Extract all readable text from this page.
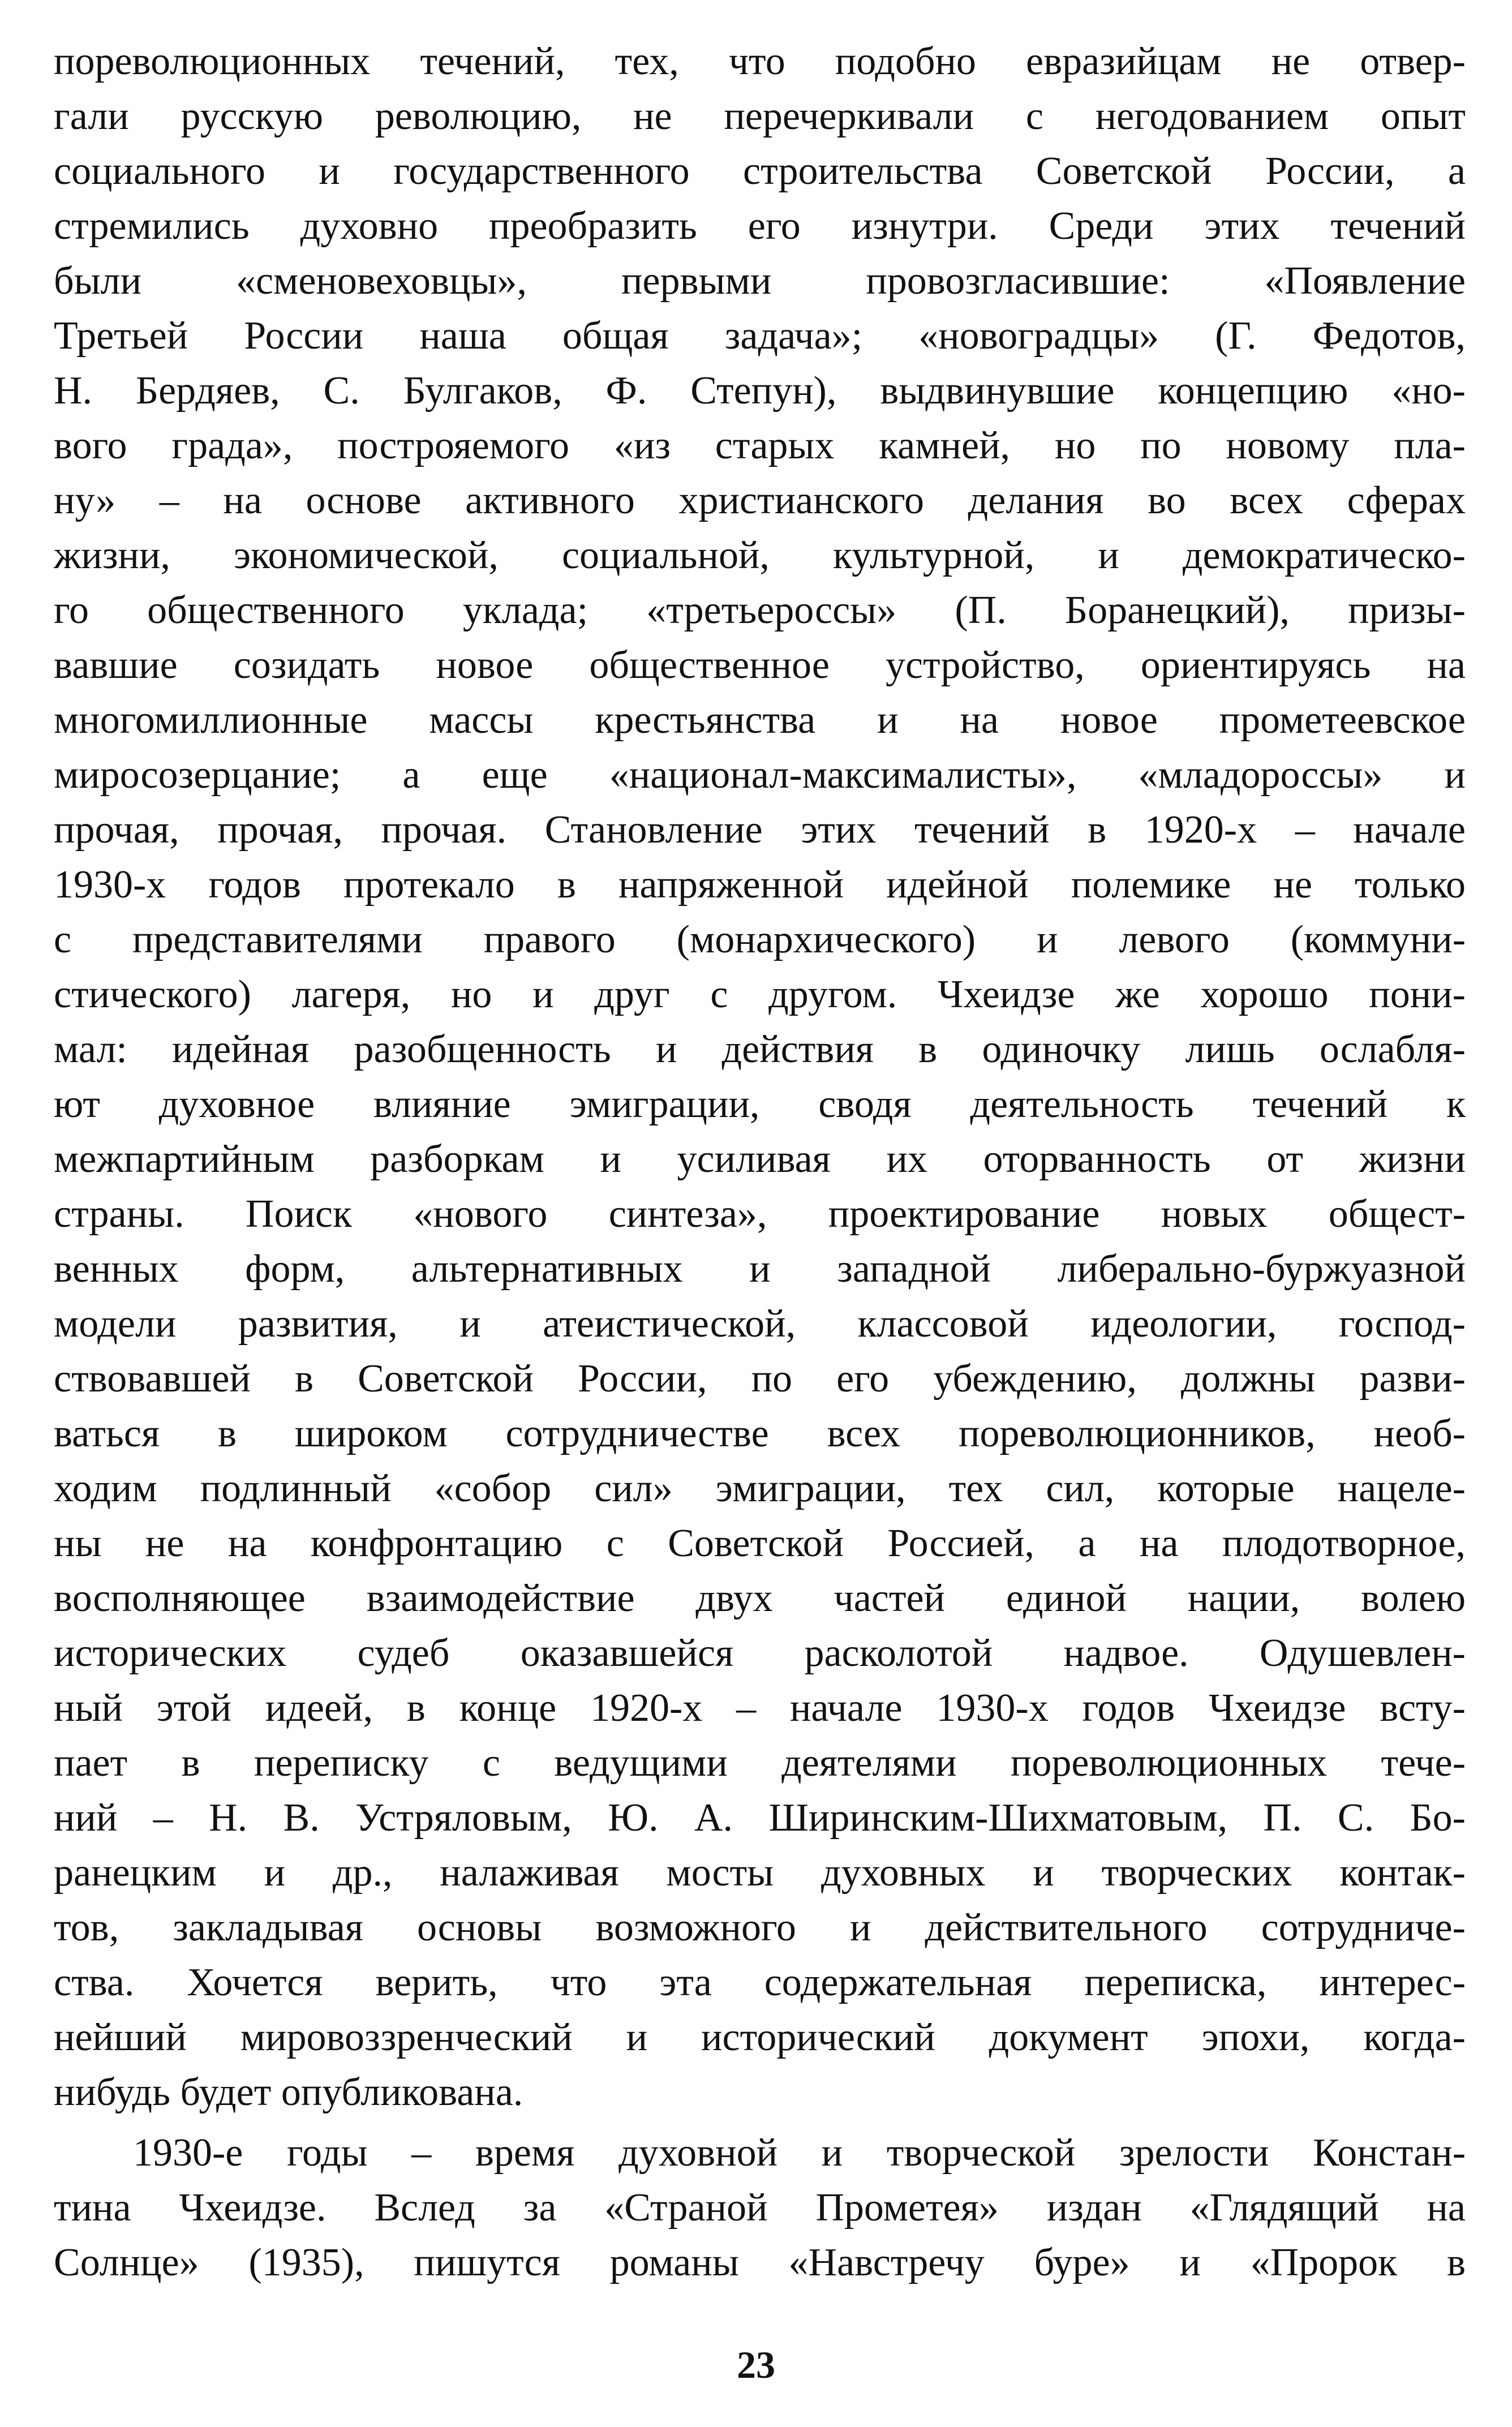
пореволюционных течений, тех, что подобно евразийцам не отвер-
гали русскую революцию, не перечеркивали с негодованием опыт
социального и государственного строительства Советской России, а
стремились духовно преобразить его изнутри. Среди этих течений
были «сменовеховцы», первыми провозгласившие: «Появление
Третьей России наша общая задача»; «новоградцы» (Г. Федотов,
Н. Бердяев, С. Булгаков, Ф. Степун), выдвинувшие концепцию «но-
вого града», построяемого «из старых камней, но по новому пла-
ну» – на основе активного христианского делания во всех сферах
жизни, экономической, социальной, культурной, и демократическо-
го общественного уклада; «третьероссы» (П. Боранецкий), призы-
вавшие созидать новое общественное устройство, ориентируясь на
многомиллионные массы крестьянства и на новое прометеевское
миросозерцание; а еще «национал-максималисты», «младороссы» и
прочая, прочая, прочая. Становление этих течений в 1920-х – начале
1930-х годов протекало в напряженной идейной полемике не только
с представителями правого (монархического) и левого (коммуни-
стического) лагеря, но и друг с другом. Чхеидзе же хорошо пони-
мал: идейная разобщенность и действия в одиночку лишь ослабля-
ют духовное влияние эмиграции, сводя деятельность течений к
межпартийным разборкам и усиливая их оторванность от жизни
страны. Поиск «нового синтеза», проектирование новых общест-
венных форм, альтернативных и западной либерально-буржуазной
модели развития, и атеистической, классовой идеологии, господ-
ствовавшей в Советской России, по его убеждению, должны разви-
ваться в широком сотрудничестве всех пореволюционников, необ-
ходим подлинный «собор сил» эмиграции, тех сил, которые нацеле-
ны не на конфронтацию с Советской Россией, а на плодотворное,
восполняющее взаимодействие двух частей единой нации, волею
исторических судеб оказавшейся расколотой надвое. Одушевлен-
ный этой идеей, в конце 1920-х – начале 1930-х годов Чхеидзе всту-
пает в переписку с ведущими деятелями пореволюционных тече-
ний – Н. В. Устряловым, Ю. А. Ширинским-Шихматовым, П. С. Бо-
ранецким и др., налаживая мосты духовных и творческих контак-
тов, закладывая основы возможного и действительного сотрудниче-
ства. Хочется верить, что эта содержательная переписка, интерес-
нейший мировоззренческий и исторический документ эпохи, когда-
нибудь будет опубликована.
1930-е годы – время духовной и творческой зрелости Констан-
тина Чхеидзе. Вслед за «Страной Прометея» издан «Глядящий на
Солнце» (1935), пишутся романы «Навстречу буре» и «Пророк в
23
